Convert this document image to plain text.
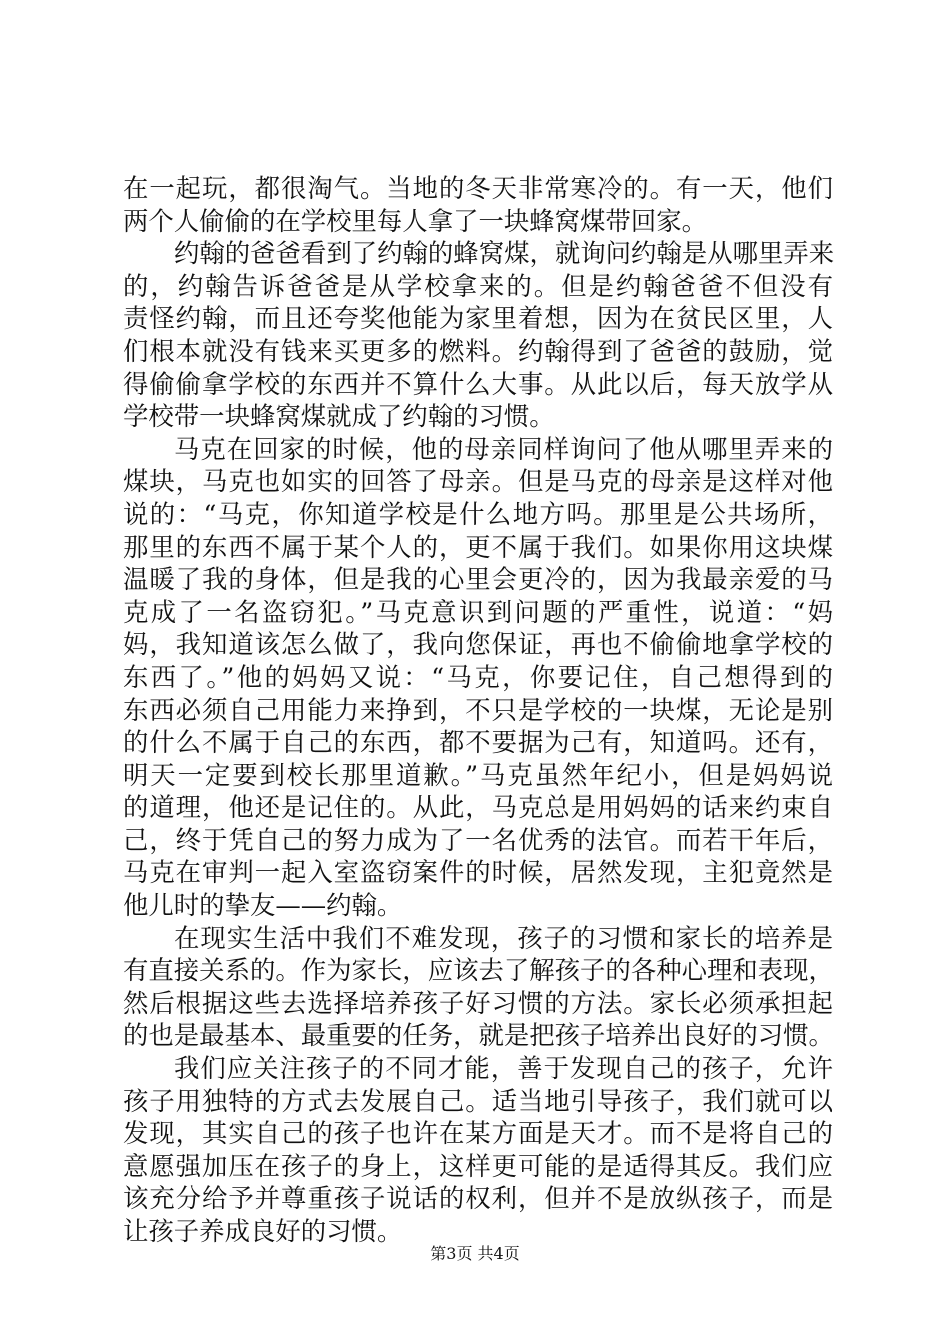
在一起玩，都很淘气。当地的冬天非常寒冷的。有一天，他们
两个人偷偷的在学校里每人拿了一块蜂窝煤带回家。
约翰的爸爸看到了约翰的蜂窝煤，就询问约翰是从哪里弄来
的，约翰告诉爸爸是从学校拿来的。但是约翰爸爸不但没有
责怪约翰，而且还夸奖他能为家里着想，因为在贫民区里，人
们根本就没有钱来买更多的燃料。约翰得到了爸爸的鼓励，觉
得偷偷拿学校的东西并不算什么大事。从此以后，每天放学从
学校带一块蜂窝煤就成了约翰的习惯。
马克在回家的时候，他的母亲同样询问了他从哪里弄来的
煤块，马克也如实的回答了母亲。但是马克的母亲是这样对他
说的：“马克，你知道学校是什么地方吗。那里是公共场所，
那里的东西不属于某个人的，更不属于我们。如果你用这块煤
温暖了我的身体，但是我的心里会更冷的，因为我最亲爱的马
克成了一名盗窃犯。”马克意识到问题的严重性，说道：“妈
妈，我知道该怎么做了，我向您保证，再也不偷偷地拿学校的
东西了。”他的妈妈又说：“马克，你要记住，自己想得到的
东西必须自己用能力来挣到，不只是学校的一块煤，无论是别
的什么不属于自己的东西，都不要据为己有，知道吗。还有，
明天一定要到校长那里道歉。”马克虽然年纪小，但是妈妈说
的道理，他还是记住的。从此，马克总是用妈妈的话来约束自
己，终于凭自己的努力成为了一名优秀的法官。而若干年后，
马克在审判一起入室盗窃案件的时候，居然发现，主犯竟然是
他儿时的挚友——约翰。
在现实生活中我们不难发现，孩子的习惯和家长的培养是
有直接关系的。作为家长，应该去了解孩子的各种心理和表现，
然后根据这些去选择培养孩子好习惯的方法。家长必须承担起
的也是最基本、最重要的任务，就是把孩子培养出良好的习惯。
我们应关注孩子的不同才能，善于发现自己的孩子，允许
孩子用独特的方式去发展自己。适当地引导孩子，我们就可以
发现，其实自己的孩子也许在某方面是天才。而不是将自己的
意愿强加压在孩子的身上，这样更可能的是适得其反。我们应
该充分给予并尊重孩子说话的权利，但并不是放纵孩子，而是
让孩子养成良好的习惯。
第3页 共4页
